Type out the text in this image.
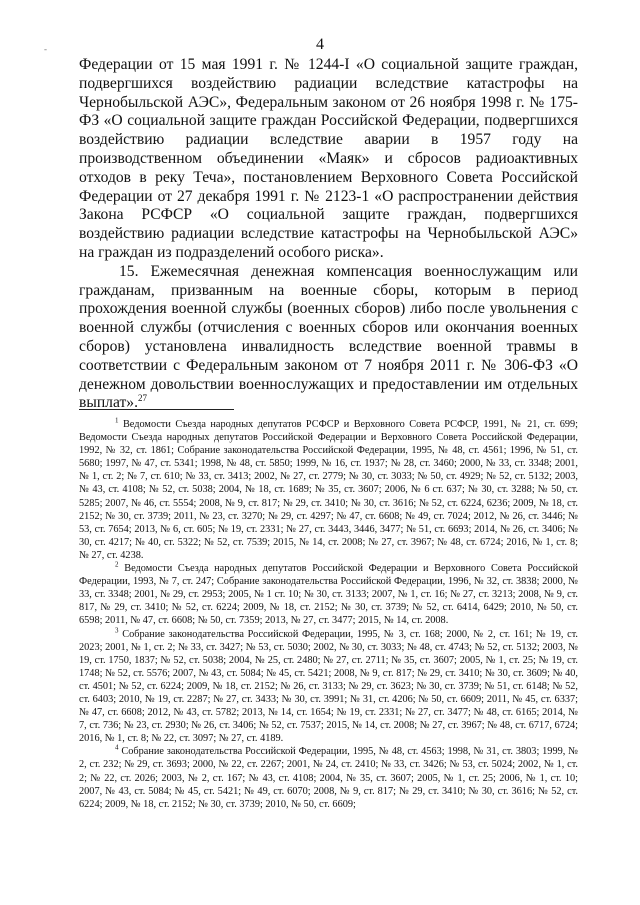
4
-

Федерации от 15 мая 1991 г. № 1244-I «О социальной защите граждан, подвергшихся воздействию радиации вследствие катастрофы на Чернобыльской АЭС», Федеральным законом от 26 ноября 1998 г. № 175-ФЗ «О социальной защите граждан Российской Федерации, подвергшихся воздействию радиации вследствие аварии в 1957 году на производственном объединении «Маяк» и сбросов радиоактивных отходов в реку Теча», постановлением Верховного Совета Российской Федерации от 27 декабря 1991 г. № 2123-1 «О распространении действия Закона РСФСР «О социальной защите граждан, подвергшихся воздействию радиации вследствие катастрофы на Чернобыльской АЭС» на граждан из подразделений особого риска».

15. Ежемесячная денежная компенсация военнослужащим или гражданам, призванным на военные сборы, которым в период прохождения военной службы (военных сборов) либо после увольнения с военной службы (отчисления с военных сборов или окончания военных сборов) установлена инвалидность вследствие военной травмы в соответствии с Федеральным законом от 7 ноября 2011 г. № 306-ФЗ «О денежном довольствии военнослужащих и предоставлении им отдельных выплат».$^{27}$

$^1$ Ведомости Съезда народных депутатов РСФСР и Верховного Совета РСФСР, 1991, № 21, ст. 699; Ведомости Съезда народных депутатов Российской Федерации и Верховного Совета Российской Федерации, 1992, № 32, ст. 1861; Собрание законодательства Российской Федерации, 1995, № 48, ст. 4561; 1996, № 51, ст. 5680; 1997, № 47, ст. 5341; 1998, № 48, ст. 5850; 1999, № 16, ст. 1937; № 28, ст. 3460; 2000, № 33, ст. 3348; 2001, № 1, ст. 2; № 7, ст. 610; № 33, ст. 3413; 2002, № 27, ст. 2779; № 30, ст. 3033; № 50, ст. 4929; № 52, ст. 5132; 2003, № 43, ст. 4108; № 52, ст. 5038; 2004, № 18, ст. 1689; № 35, ст. 3607; 2006, № 6 ст. 637; № 30, ст. 3288; № 50, ст. 5285; 2007, № 46, ст. 5554; 2008, № 9, ст. 817; № 29, ст. 3410; № 30, ст. 3616; № 52, ст. 6224, 6236; 2009, № 18, ст. 2152; № 30, ст. 3739; 2011, № 23, ст. 3270; № 29, ст. 4297; № 47, ст. 6608; № 49, ст. 7024; 2012, № 26, ст. 3446; № 53, ст. 7654; 2013, № 6, ст. 605; № 19, ст. 2331; № 27, ст. 3443, 3446, 3477; № 51, ст. 6693; 2014, № 26, ст. 3406; № 30, ст. 4217; № 40, ст. 5322; № 52, ст. 7539; 2015, № 14, ст. 2008; № 27, ст. 3967; № 48, ст. 6724; 2016, № 1, ст. 8; № 27, ст. 4238.

$^2$ Ведомости Съезда народных депутатов Российской Федерации и Верховного Совета Российской Федерации, 1993, № 7, ст. 247; Собрание законодательства Российской Федерации, 1996, № 32, ст. 3838; 2000, № 33, ст. 3348; 2001, № 29, ст. 2953; 2005, № 1 ст. 10; № 30, ст. 3133; 2007, № 1, ст. 16; № 27, ст. 3213; 2008, № 9, ст. 817, № 29, ст. 3410; № 52, ст. 6224; 2009, № 18, ст. 2152; № 30, ст. 3739; № 52, ст. 6414, 6429; 2010, № 50, ст. 6598; 2011, № 47, ст. 6608; № 50, ст. 7359; 2013, № 27, ст. 3477; 2015, № 14, ст. 2008.

$^3$ Собрание законодательства Российской Федерации, 1995, № 3, ст. 168; 2000, № 2, ст. 161; № 19, ст. 2023; 2001, № 1, ст. 2; № 33, ст. 3427; № 53, ст. 5030; 2002, № 30, ст. 3033; № 48, ст. 4743; № 52, ст. 5132; 2003, № 19, ст. 1750, 1837; № 52, ст. 5038; 2004, № 25, ст. 2480; № 27, ст. 2711; № 35, ст. 3607; 2005, № 1, ст. 25; № 19, ст. 1748; № 52, ст. 5576; 2007, № 43, ст. 5084; № 45, ст. 5421; 2008, № 9, ст. 817; № 29, ст. 3410; № 30, ст. 3609; № 40, ст. 4501; № 52, ст. 6224; 2009, № 18, ст. 2152; № 26, ст. 3133; № 29, ст. 3623; № 30, ст. 3739; № 51, ст. 6148; № 52, ст. 6403; 2010, № 19, ст. 2287; № 27, ст. 3433; № 30, ст. 3991; № 31, ст. 4206; № 50, ст. 6609; 2011, № 45, ст. 6337; № 47, ст. 6608; 2012, № 43, ст. 5782; 2013, № 14, ст. 1654; № 19, ст. 2331; № 27, ст. 3477; № 48, ст. 6165; 2014, № 7, ст. 736; № 23, ст. 2930; № 26, ст. 3406; № 52, ст. 7537; 2015, № 14, ст. 2008; № 27, ст. 3967; № 48, ст. 6717, 6724; 2016, № 1, ст. 8; № 22, ст. 3097; № 27, ст. 4189.

$^4$ Собрание законодательства Российской Федерации, 1995, № 48, ст. 4563; 1998, № 31, ст. 3803; 1999, № 2, ст. 232; № 29, ст. 3693; 2000, № 22, ст. 2267; 2001, № 24, ст. 2410; № 33, ст. 3426; № 53, ст. 5024; 2002, № 1, ст. 2; № 22, ст. 2026; 2003, № 2, ст. 167; № 43, ст. 4108; 2004, № 35, ст. 3607; 2005, № 1, ст. 25; 2006, № 1, ст. 10; 2007, № 43, ст. 5084; № 45, ст. 5421; № 49, ст. 6070; 2008, № 9, ст. 817; № 29, ст. 3410; № 30, ст. 3616; № 52, ст. 6224; 2009, № 18, ст. 2152; № 30, ст. 3739; 2010, № 50, ст. 6609;
